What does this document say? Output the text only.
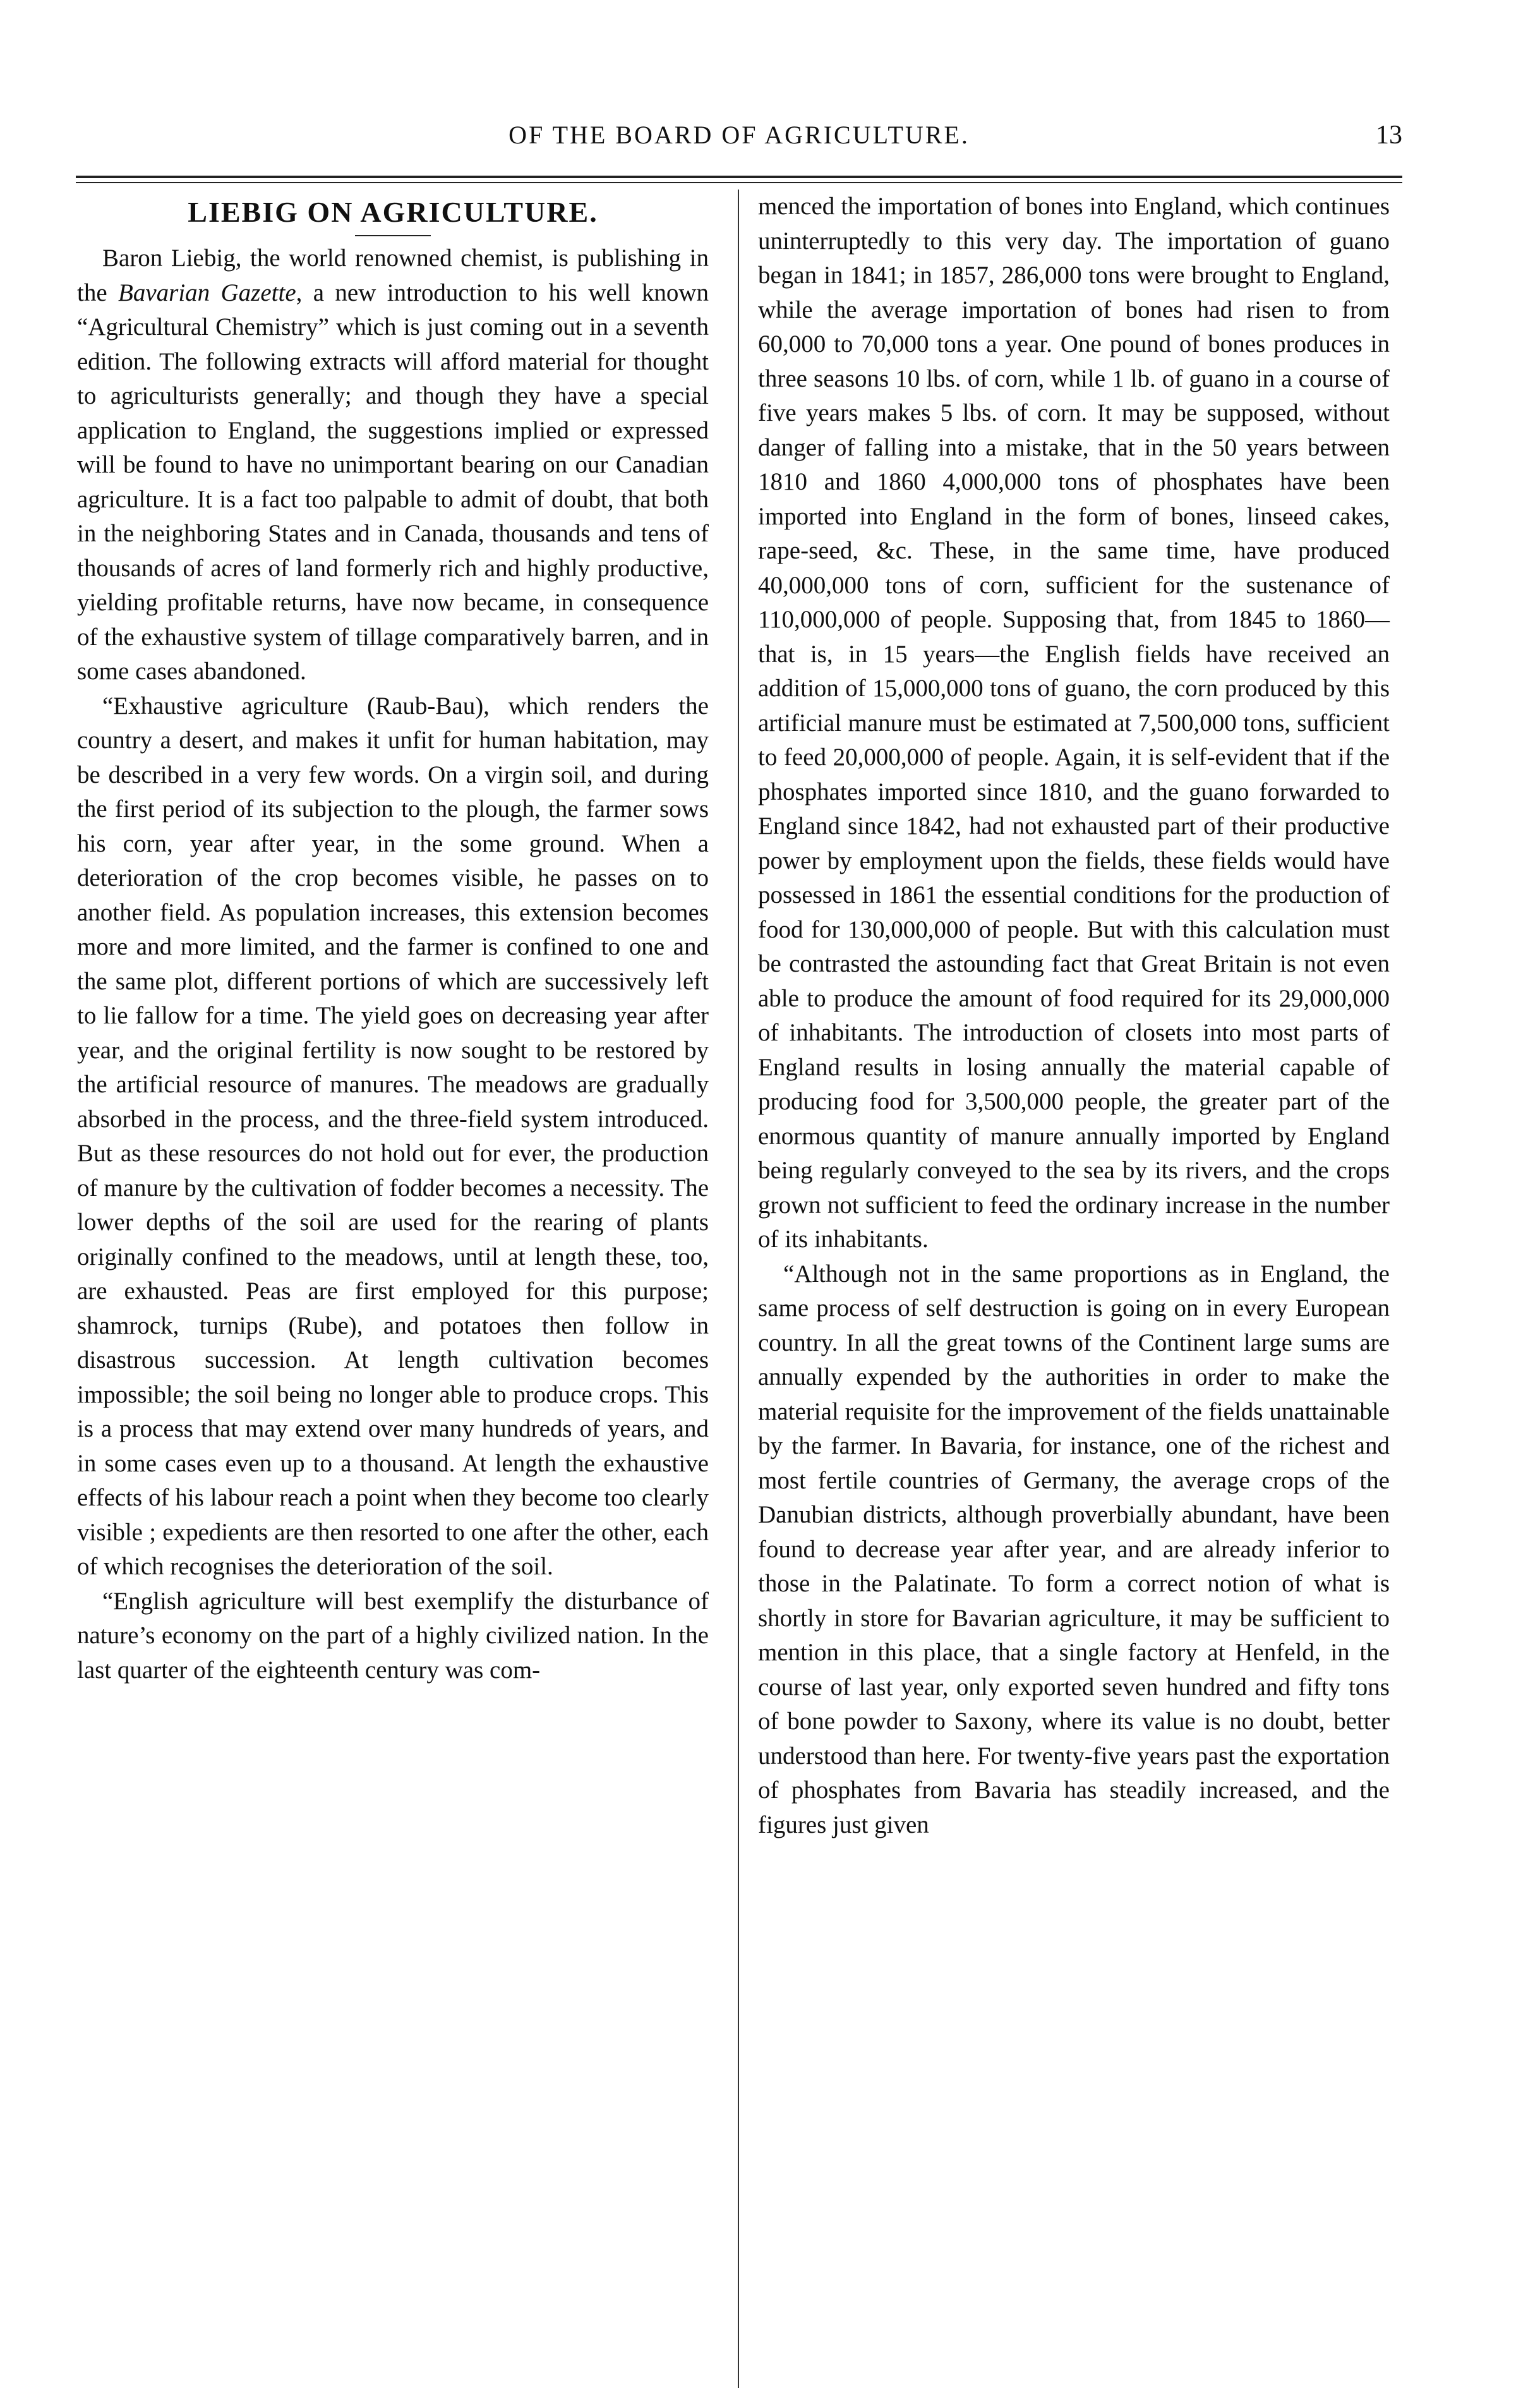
OF THE BOARD OF AGRICULTURE.	13
LIEBIG ON AGRICULTURE.

Baron Liebig, the world renowned chemist, is publishing in the Bavarian Gazette, a new introduction to his well known “Agricultural Chemistry” which is just coming out in a seventh edition. The following extracts will afford material for thought to agriculturists generally; and though they have a special application to England, the suggestions implied or expressed will be found to have no unimportant bearing on our Canadian agriculture. It is a fact too palpable to admit of doubt, that both in the neighboring States and in Canada, thousands and tens of thousands of acres of land formerly rich and highly productive, yielding profitable returns, have now became, in consequence of the exhaustive system of tillage comparatively barren, and in some cases abandoned.

“Exhaustive agriculture (Raub-Bau), which renders the country a desert, and makes it unfit for human habitation, may be described in a very few words. On a virgin soil, and during the first period of its subjection to the plough, the farmer sows his corn, year after year, in the some ground. When a deterioration of the crop becomes visible, he passes on to another field. As population increases, this extension becomes more and more limited, and the farmer is confined to one and the same plot, different portions of which are successively left to lie fallow for a time. The yield goes on decreasing year after year, and the original fertility is now sought to be restored by the artificial resource of manures. The meadows are gradually absorbed in the process, and the three-field system introduced. But as these resources do not hold out for ever, the production of manure by the cultivation of fodder becomes a necessity. The lower depths of the soil are used for the rearing of plants originally confined to the meadows, until at length these, too, are exhausted. Peas are first employed for this purpose; shamrock, turnips (Rube), and potatoes then follow in disastrous succession. At length cultivation becomes impossible; the soil being no longer able to produce crops. This is a process that may extend over many hundreds of years, and in some cases even up to a thousand. At length the exhaustive effects of his labour reach a point when they become too clearly visible ; expedients are then resorted to one after the other, each of which recognises the deterioration of the soil.

“English agriculture will best exemplify the disturbance of nature’s economy on the part of a highly civilized nation. In the last quarter of the eighteenth century was com-

menced the importation of bones into England, which continues uninterruptedly to this very day. The importation of guano began in 1841; in 1857, 286,000 tons were brought to England, while the average importation of bones had risen to from 60,000 to 70,000 tons a year. One pound of bones produces in three seasons 10 lbs. of corn, while 1 lb. of guano in a course of five years makes 5 lbs. of corn. It may be supposed, without danger of falling into a mistake, that in the 50 years between 1810 and 1860 4,000,000 tons of phosphates have been imported into England in the form of bones, linseed cakes, rape-seed, &c. These, in the same time, have produced 40,000,000 tons of corn, sufficient for the sustenance of 110,000,000 of people. Supposing that, from 1845 to 1860—that is, in 15 years—the English fields have received an addition of 15,000,000 tons of guano, the corn produced by this artificial manure must be estimated at 7,500,000 tons, sufficient to feed 20,000,000 of people. Again, it is self-evident that if the phosphates imported since 1810, and the guano forwarded to England since 1842, had not exhausted part of their productive power by employment upon the fields, these fields would have possessed in 1861 the essential conditions for the production of food for 130,000,000 of people. But with this calculation must be contrasted the astounding fact that Great Britain is not even able to produce the amount of food required for its 29,000,000 of inhabitants. The introduction of closets into most parts of England results in losing annually the material capable of producing food for 3,500,000 people, the greater part of the enormous quantity of manure annually imported by England being regularly conveyed to the sea by its rivers, and the crops grown not sufficient to feed the ordinary increase in the number of its inhabitants.

“Although not in the same proportions as in England, the same process of self destruction is going on in every European country. In all the great towns of the Continent large sums are annually expended by the authorities in order to make the material requisite for the improvement of the fields unattainable by the farmer. In Bavaria, for instance, one of the richest and most fertile countries of Germany, the average crops of the Danubian districts, although proverbially abundant, have been found to decrease year after year, and are already inferior to those in the Palatinate. To form a correct notion of what is shortly in store for Bavarian agriculture, it may be sufficient to mention in this place, that a single factory at Henfeld, in the course of last year, only exported seven hundred and fifty tons of bone powder to Saxony, where its value is no doubt, better understood than here. For twenty-five years past the exportation of phosphates from Bavaria has steadily increased, and the figures just given
